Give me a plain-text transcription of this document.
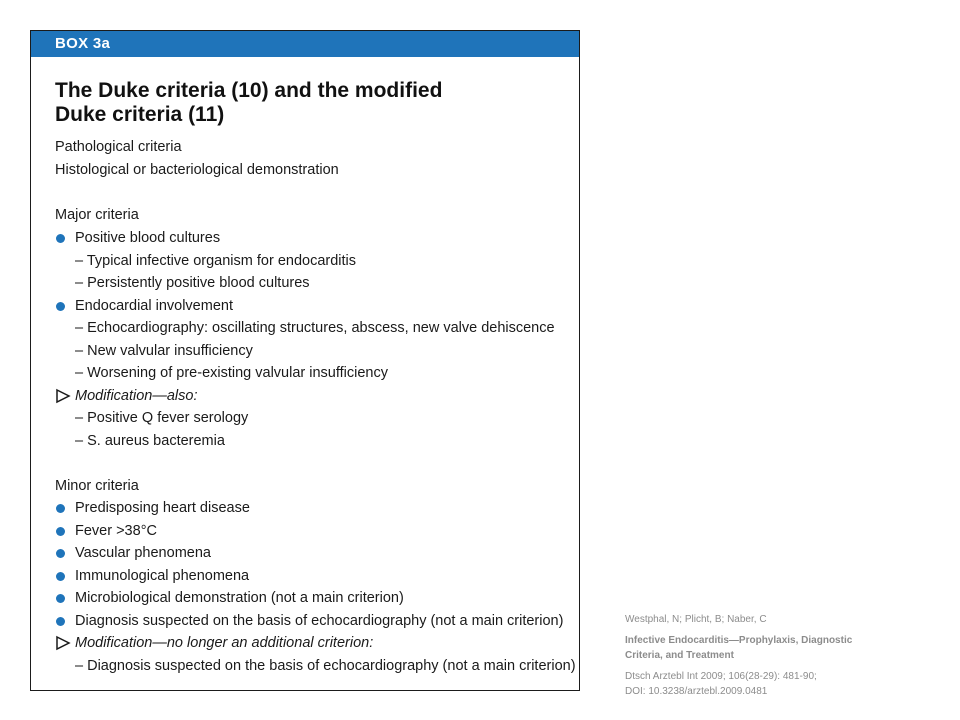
BOX 3a
The Duke criteria (10) and the modified
Duke criteria (11)
Pathological criteria
Histological or bacteriological demonstration
Major criteria
Positive blood cultures
– Typical infective organism for endocarditis
– Persistently positive blood cultures
Endocardial involvement
– Echocardiography: oscillating structures, abscess, new valve dehiscence
– New valvular insufficiency
– Worsening of pre-existing valvular insufficiency
Modification—also:
– Positive Q fever serology
– S. aureus bacteremia
Minor criteria
Predisposing heart disease
Fever >38°C
Vascular phenomena
Immunological phenomena
Microbiological demonstration (not a main criterion)
Diagnosis suspected on the basis of echocardiography (not a main criterion)
Modification—no longer an additional criterion:
– Diagnosis suspected on the basis of echocardiography (not a main criterion)
Westphal, N; Plicht, B; Naber, C
Infective Endocarditis—Prophylaxis, Diagnostic
Criteria, and Treatment
Dtsch Arztebl Int 2009; 106(28-29): 481-90;
DOI: 10.3238/arztebl.2009.0481
